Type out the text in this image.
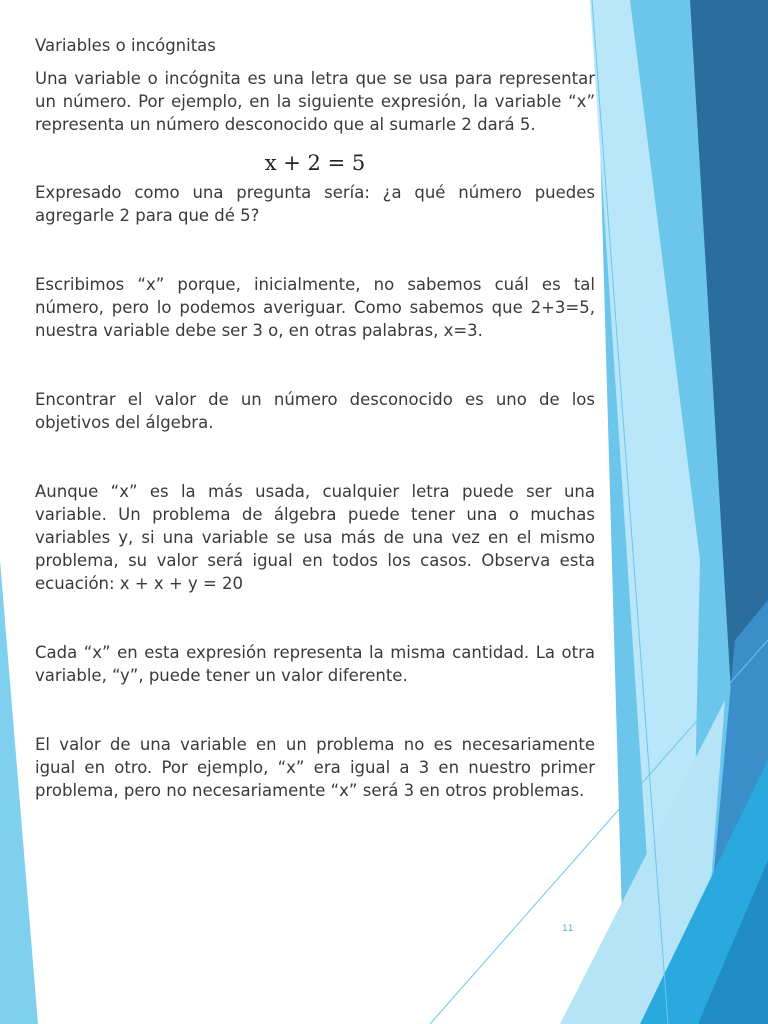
Variables o incógnitas

Una variable o incógnita es una letra que se usa para representar un número. Por ejemplo, en la siguiente expresión, la variable “x” representa un número desconocido que al sumarle 2 dará 5.

x + 2 = 5

Expresado como una pregunta sería: ¿a qué número puedes agregarle 2 para que dé 5?

Escribimos “x” porque, inicialmente, no sabemos cuál es tal número, pero lo podemos averiguar. Como sabemos que 2+3=5, nuestra variable debe ser 3 o, en otras palabras, x=3.

Encontrar el valor de un número desconocido es uno de los objetivos del álgebra.

Aunque “x” es la más usada, cualquier letra puede ser una variable. Un problema de álgebra puede tener una o muchas variables y, si una variable se usa más de una vez en el mismo problema, su valor será igual en todos los casos. Observa esta ecuación: x + x + y = 20

Cada “x” en esta expresión representa la misma cantidad. La otra variable, “y”, puede tener un valor diferente.

El valor de una variable en un problema no es necesariamente igual en otro. Por ejemplo, “x” era igual a 3 en nuestro primer problema, pero no necesariamente “x” será 3 en otros problemas.

11
